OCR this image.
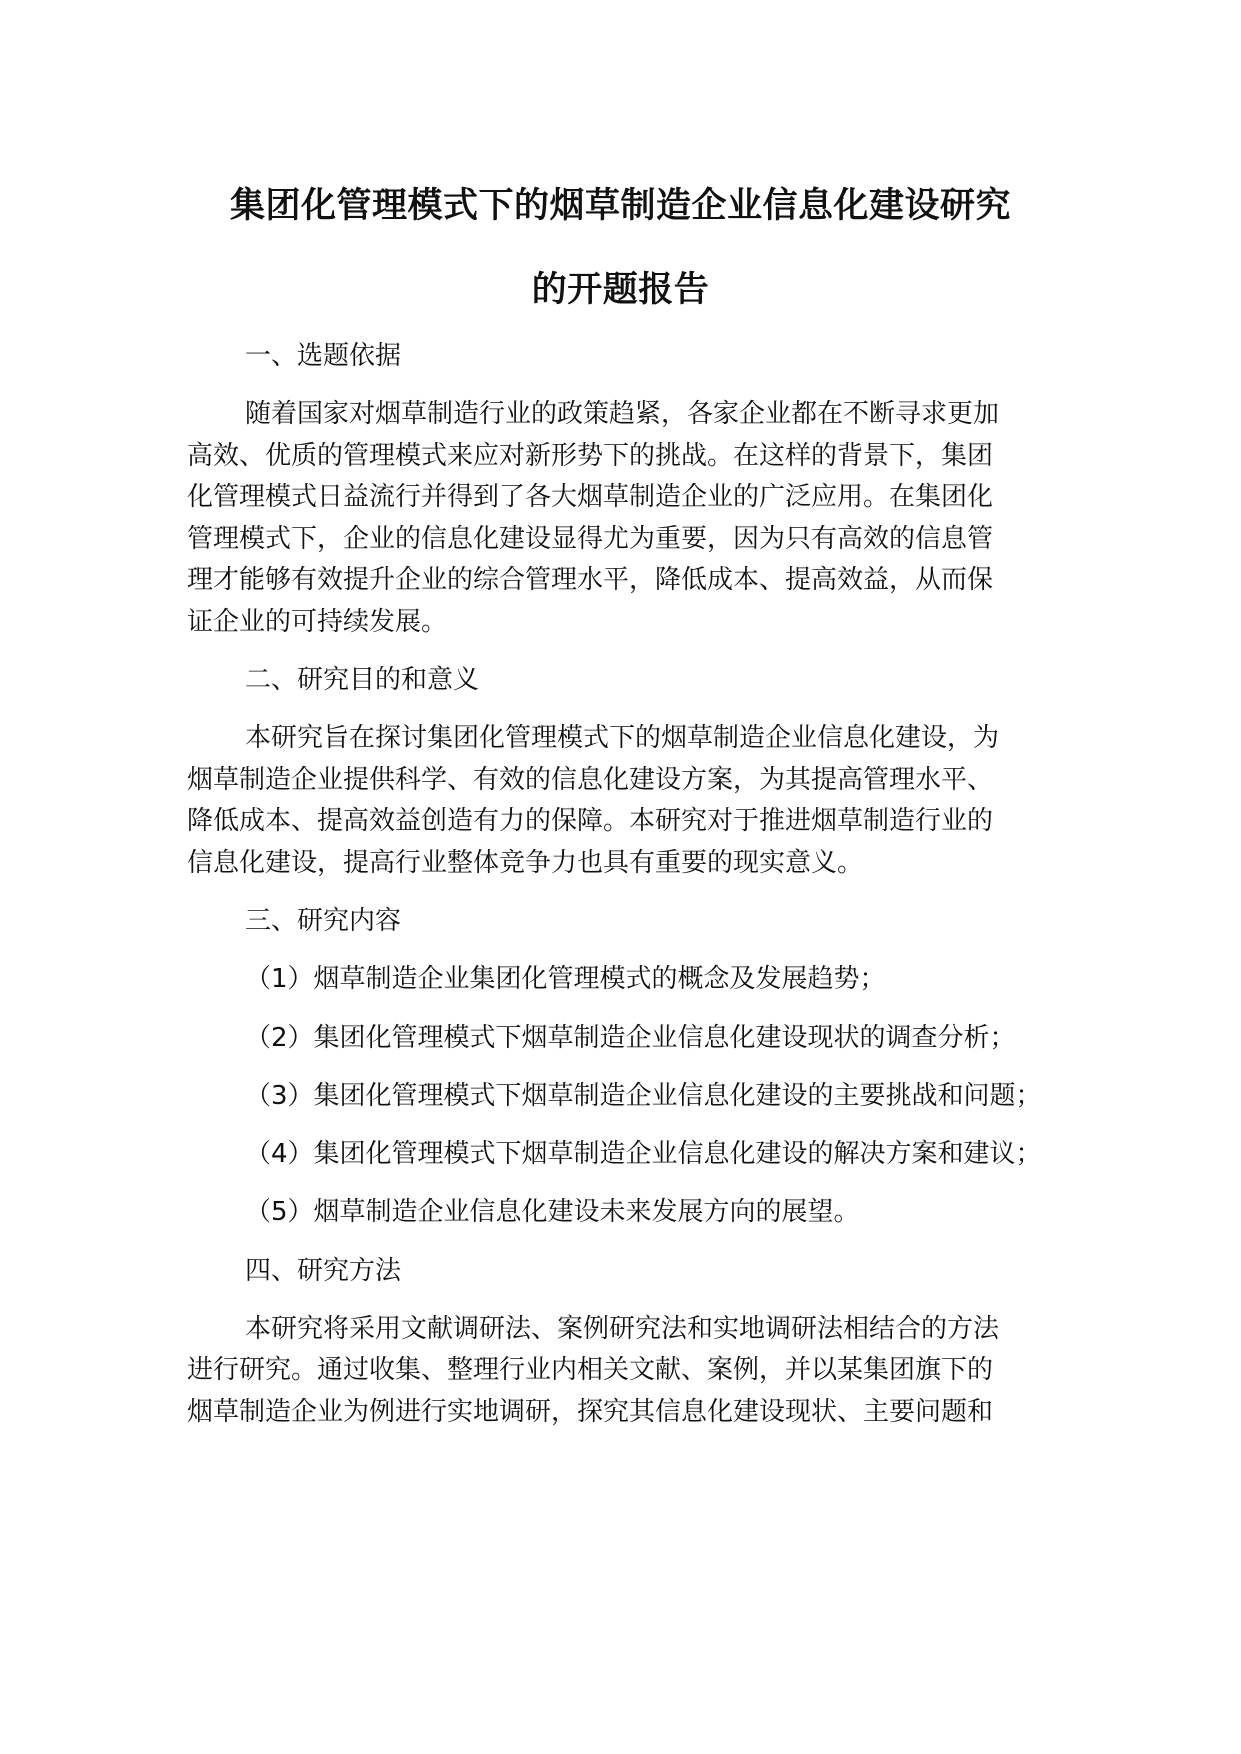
集团化管理模式下的烟草制造企业信息化建设研究
的开题报告
一、选题依据
随着国家对烟草制造行业的政策趋紧，各家企业都在不断寻求更加
高效、优质的管理模式来应对新形势下的挑战。在这样的背景下，集团
化管理模式日益流行并得到了各大烟草制造企业的广泛应用。在集团化
管理模式下，企业的信息化建设显得尤为重要，因为只有高效的信息管
理才能够有效提升企业的综合管理水平，降低成本、提高效益，从而保
证企业的可持续发展。
二、研究目的和意义
本研究旨在探讨集团化管理模式下的烟草制造企业信息化建设，为
烟草制造企业提供科学、有效的信息化建设方案，为其提高管理水平、
降低成本、提高效益创造有力的保障。本研究对于推进烟草制造行业的
信息化建设，提高行业整体竞争力也具有重要的现实意义。
三、研究内容
（1）烟草制造企业集团化管理模式的概念及发展趋势；
（2）集团化管理模式下烟草制造企业信息化建设现状的调查分析；
（3）集团化管理模式下烟草制造企业信息化建设的主要挑战和问题；
（4）集团化管理模式下烟草制造企业信息化建设的解决方案和建议；
（5）烟草制造企业信息化建设未来发展方向的展望。
四、研究方法
本研究将采用文献调研法、案例研究法和实地调研法相结合的方法
进行研究。通过收集、整理行业内相关文献、案例，并以某集团旗下的
烟草制造企业为例进行实地调研，探究其信息化建设现状、主要问题和
